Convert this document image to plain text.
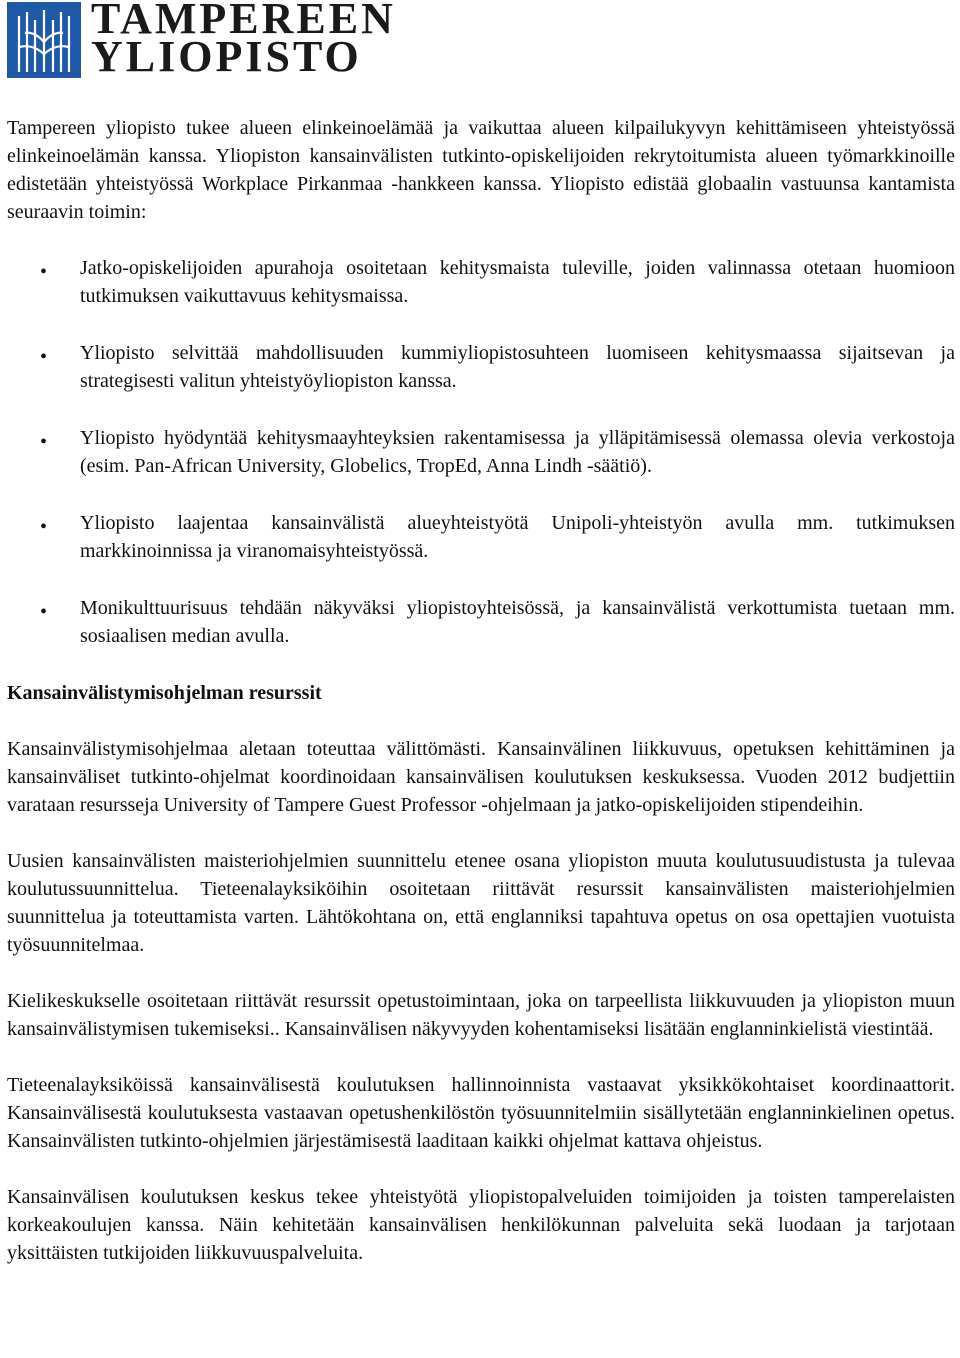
TAMPEREEN
YLIOPISTO

Tampereen yliopisto tukee alueen elinkeinoelämää ja vaikuttaa alueen kilpailukyvyn kehittämiseen yhteistyössä elinkeinoelämän kanssa. Yliopiston kansainvälisten tutkinto-opiskelijoiden rekrytoitumista alueen työmarkkinoille edistetään yhteistyössä Workplace Pirkanmaa -hankkeen kanssa. Yliopisto edistää globaalin vastuunsa kantamista seuraavin toimin:

• Jatko-opiskelijoiden apurahoja osoitetaan kehitysmaista tuleville, joiden valinnassa otetaan huomioon tutkimuksen vaikuttavuus kehitysmaissa.

• Yliopisto selvittää mahdollisuuden kummiyliopistosuhteen luomiseen kehitysmaassa sijaitsevan ja strategisesti valitun yhteistyöyliopiston kanssa.

• Yliopisto hyödyntää kehitysmaayhteyksien rakentamisessa ja ylläpitämisessä olemassa olevia verkostoja (esim. Pan-African University, Globelics, TropEd, Anna Lindh -säätiö).

• Yliopisto laajentaa kansainvälistä alueyhteistyötä Unipoli-yhteistyön avulla mm. tutkimuksen markkinoinnissa ja viranomaisyhteistyössä.

• Monikulttuurisuus tehdään näkyväksi yliopistoyhteisössä, ja kansainvälistä verkottumista tuetaan mm. sosiaalisen median avulla.

Kansainvälistymisohjelman resurssit

Kansainvälistymisohjelmaa aletaan toteuttaa välittömästi. Kansainvälinen liikkuvuus, opetuksen kehittäminen ja kansainväliset tutkinto-ohjelmat koordinoidaan kansainvälisen koulutuksen keskuksessa. Vuoden 2012 budjettiin varataan resursseja University of Tampere Guest Professor -ohjelmaan ja jatko-opiskelijoiden stipendeihin.

Uusien kansainvälisten maisteriohjelmien suunnittelu etenee osana yliopiston muuta koulutusuudistusta ja tulevaa koulutussuunnittelua. Tieteenalayksiköihin osoitetaan riittävät resurssit kansainvälisten maisteriohjelmien suunnittelua ja toteuttamista varten. Lähtökohtana on, että englanniksi tapahtuva opetus on osa opettajien vuotuista työsuunnitelmaa.

Kielikeskukselle osoitetaan riittävät resurssit opetustoimintaan, joka on tarpeellista liikkuvuuden ja yliopiston muun kansainvälistymisen tukemiseksi.. Kansainvälisen näkyvyyden kohentamiseksi lisätään englanninkielistä viestintää.

Tieteenalayksiköissä kansainvälisestä koulutuksen hallinnoinnista vastaavat yksikkökohtaiset koordinaattorit. Kansainvälisestä koulutuksesta vastaavan opetushenkilöstön työsuunnitelmiin sisällytetään englanninkielinen opetus. Kansainvälisten tutkinto-ohjelmien järjestämisestä laaditaan kaikki ohjelmat kattava ohjeistus.

Kansainvälisen koulutuksen keskus tekee yhteistyötä yliopistopalveluiden toimijoiden ja toisten tamperelaisten korkeakoulujen kanssa. Näin kehitetään kansainvälisen henkilökunnan palveluita sekä luodaan ja tarjotaan yksittäisten tutkijoiden liikkuvuuspalveluita.
